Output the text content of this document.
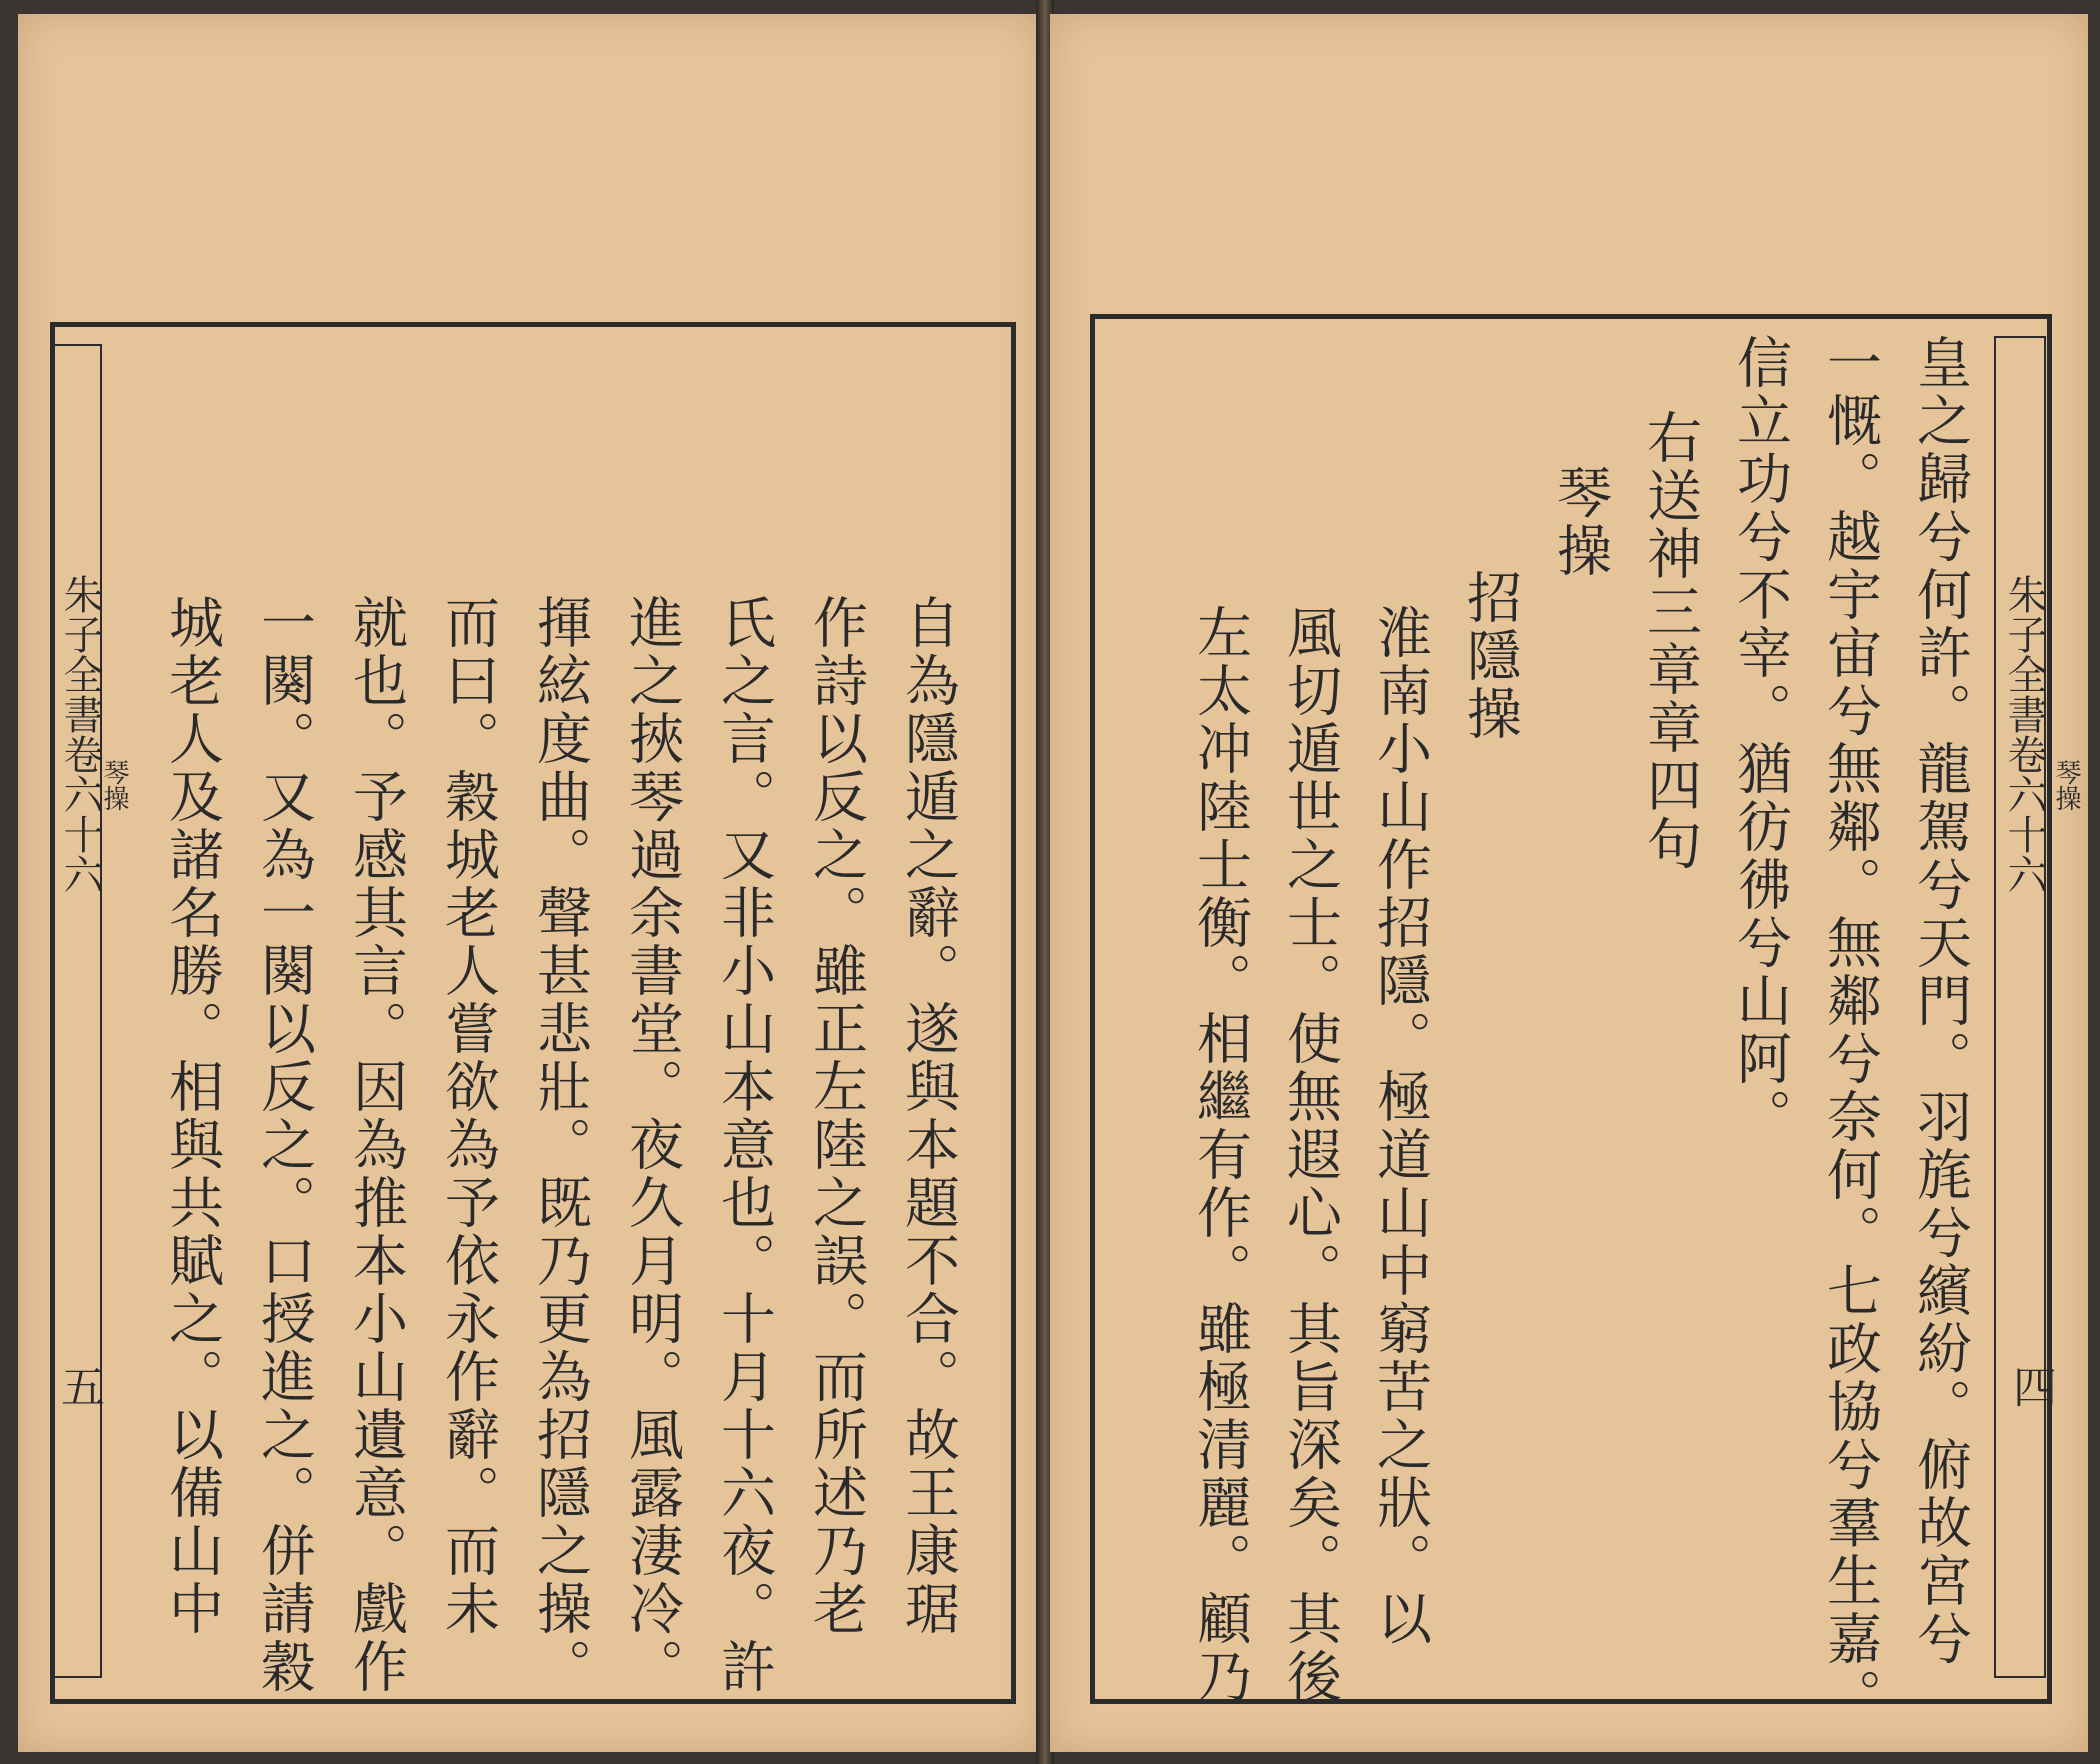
朱子全書卷六十六
琴操
五	自為隱遁之辭。遂與本題不合。故王康琚
作詩以反之。雖正左陸之誤。而所述乃老
氏之言。又非小山本意也。十月十六夜。許
進之挾琴過余書堂。夜久月明。風露淒冷。
揮絃度曲。聲甚悲壯。既乃更為招隱之操。
而曰。穀城老人嘗欲為予依永作辭。而未
就也。予感其言。因為推本小山遺意。戲作
一闋。又為一闋以反之。口授進之。併請穀
城老人及諸名勝。相與共賦之。以備山中	朱子全書卷六十六 琴操
四
皇之歸兮何許。龍駕兮天門。羽旄兮繽紛。俯故宮兮
一慨。越宇宙兮無鄰。無鄰兮奈何。七政協兮羣生嘉。
信立功兮不宰。猶彷彿兮山阿。
右送神三章章四句
琴操
招隱操
淮南小山作招隱。極道山中窮苦之狀。以
風切遁世之士。使無遐心。其旨深矣。其後
左太冲陸士衡。相繼有作。雖極清麗。顧乃
